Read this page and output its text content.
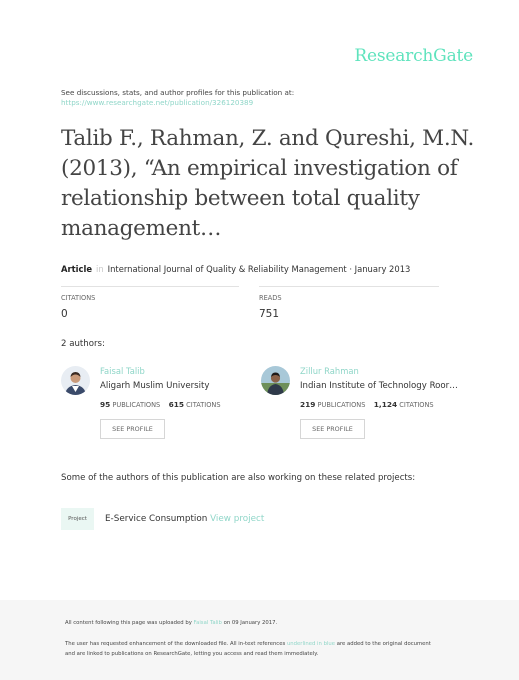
ResearchGate
See discussions, stats, and author profiles for this publication at:
https://www.researchgate.net/publication/326120389
Talib F., Rahman, Z. and Qureshi, M.N. (2013), “An empirical investigation of relationship between total quality management…
Article in International Journal of Quality & Reliability Management · January 2013
CITATIONS
0
READS
751
2 authors:
Faisal Talib
Aligarh Muslim University
95 PUBLICATIONS 615 CITATIONS
SEE PROFILE
Zillur Rahman
Indian Institute of Technology Roor…
219 PUBLICATIONS 1,124 CITATIONS
SEE PROFILE
Some of the authors of this publication are also working on these related projects:
Project	E-Service Consumption View project
All content following this page was uploaded by Faisal Talib on 09 January 2017.
The user has requested enhancement of the downloaded file. All in-text references underlined in blue are added to the original document
and are linked to publications on ResearchGate, letting you access and read them immediately.
